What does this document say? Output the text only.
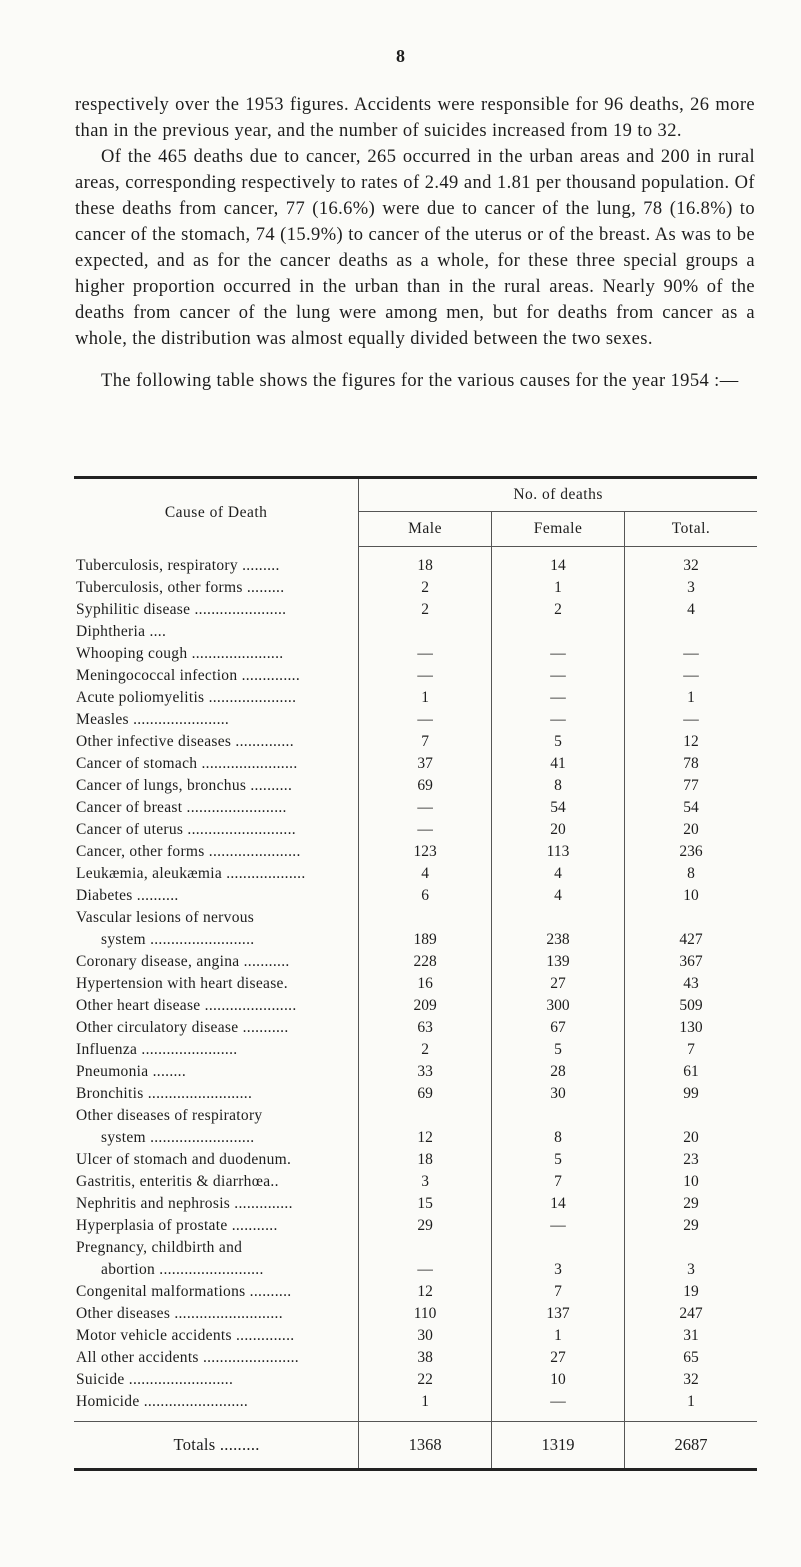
8

respectively over the 1953 figures. Accidents were responsible for 96 deaths, 26 more than in the previous year, and the number of suicides increased from 19 to 32.

Of the 465 deaths due to cancer, 265 occurred in the urban areas and 200 in rural areas, corresponding respectively to rates of 2.49 and 1.81 per thousand population. Of these deaths from cancer, 77 (16.6%) were due to cancer of the lung, 78 (16.8%) to cancer of the stomach, 74 (15.9%) to cancer of the uterus or of the breast. As was to be expected, and as for the cancer deaths as a whole, for these three special groups a higher proportion occurred in the urban than in the rural areas. Nearly 90% of the deaths from cancer of the lung were among men, but for deaths from cancer as a whole, the distribution was almost equally divided between the two sexes.

The following table shows the figures for the various causes for the year 1954 :—

Cause of Death	No. of deaths		
	Male	Female	Total.

Tuberculosis, respiratory .........	18	14	32
Tuberculosis, other forms .........	2	1	3
Syphilitic disease ......................	2	2	4
Diphtheria ....			
Whooping cough ......................	—	—	—
Meningococcal infection ..............	—	—	—
Acute poliomyelitis .....................	1	—	1
Measles .......................	—	—	—
Other infective diseases ..............	7	5	12
Cancer of stomach .......................	37	41	78
Cancer of lungs, bronchus ..........	69	8	77
Cancer of breast ........................	—	54	54
Cancer of uterus ..........................	—	20	20
Cancer, other forms ......................	123	113	236
Leukæmia, aleukæmia ...................	4	4	8
Diabetes ..........	6	4	10
Vascular lesions of nervous			
system .........................	189	238	427
Coronary disease, angina ...........	228	139	367
Hypertension with heart disease.	16	27	43
Other heart disease ......................	209	300	509
Other circulatory disease ...........	63	67	130
Influenza .......................	2	5	7
Pneumonia ........	33	28	61
Bronchitis .........................	69	30	99
Other diseases of respiratory			
system .........................	12	8	20
Ulcer of stomach and duodenum.	18	5	23
Gastritis, enteritis & diarrhœa..	3	7	10
Nephritis and nephrosis ..............	15	14	29
Hyperplasia of prostate ...........	29	—	29
Pregnancy, childbirth and			
abortion .........................	—	3	3
Congenital malformations ..........	12	7	19
Other diseases ..........................	110	137	247
Motor vehicle accidents ..............	30	1	31
All other accidents .......................	38	27	65
Suicide .........................	22	10	32
Homicide .........................	1	—	1

Totals .........	1368	1319	2687
